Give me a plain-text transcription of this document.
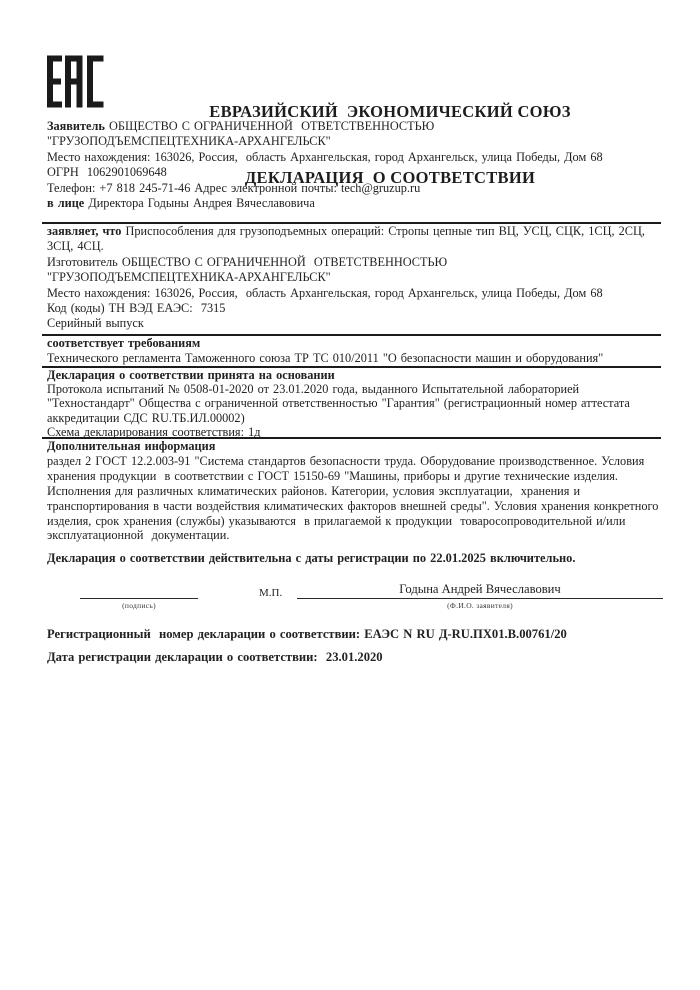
ЕВРАЗИЙСКИЙ  ЭКОНОМИЧЕСКИЙ СОЮЗ

ДЕКЛАРАЦИЯ  О СООТВЕТСТВИИ

Заявитель ОБЩЕСТВО С ОГРАНИЧЕННОЙ  ОТВЕТСТВЕННОСТЬЮ
"ГРУЗОПОДЪЕМСПЕЦТЕХНИКА-АРХАНГЕЛЬСК"
Место нахождения: 163026, Россия,  область Архангельская, город Архангельск, улица Победы, Дом 68
ОГРН  1062901069648
Телефон: +7 818 245-71-46 Адрес электронной почты: tech@gruzup.ru
в лице Директора Годыны Андрея Вячеславовича
заявляет, что Приспособления для грузоподъемных операций: Стропы цепные тип ВЦ, УСЦ, СЦК, 1СЦ, 2СЦ, 3СЦ, 4СЦ.
Изготовитель ОБЩЕСТВО С ОГРАНИЧЕННОЙ  ОТВЕТСТВЕННОСТЬЮ
"ГРУЗОПОДЪЕМСПЕЦТЕХНИКА-АРХАНГЕЛЬСК"
Место нахождения: 163026, Россия,  область Архангельская, город Архангельск, улица Победы, Дом 68
Код (коды) ТН ВЭД ЕАЭС:  7315
Серийный выпуск
соответствует требованиям
Технического регламента Таможенного союза ТР ТС 010/2011 "О безопасности машин и оборудования"
Декларация о соответствии принята на основании
Протокола испытаний № 0508-01-2020 от 23.01.2020 года, выданного Испытательной лабораторией "Техностандарт" Общества с ограниченной ответственностью "Гарантия" (регистрационный номер аттестата аккредитации СДС RU.ТБ.ИЛ.00002)
Схема декларирования соответствия: 1д
Дополнительная информация
раздел 2 ГОСТ 12.2.003-91 "Система стандартов безопасности труда. Оборудование производственное. Условия хранения продукции  в соответствии с ГОСТ 15150-69 "Машины, приборы и другие технические изделия. Исполнения для различных климатических районов. Категории, условия эксплуатации,  хранения и транспортирования в части воздействия климатических факторов внешней среды". Условия хранения конкретного изделия, срок хранения (службы) указываются  в прилагаемой к продукции  товаросопроводительной и/или эксплуатационной  документации.
Декларация о соответствии действительна с даты регистрации по 22.01.2025 включительно.
Годына Андрей Вячеславович
(подпись)	(Ф.И.О. заявителя)
М.П.
Регистрационный  номер декларации о соответствии: ЕАЭС N RU Д-RU.ПХ01.В.00761/20
Дата регистрации декларации о соответствии:  23.01.2020
